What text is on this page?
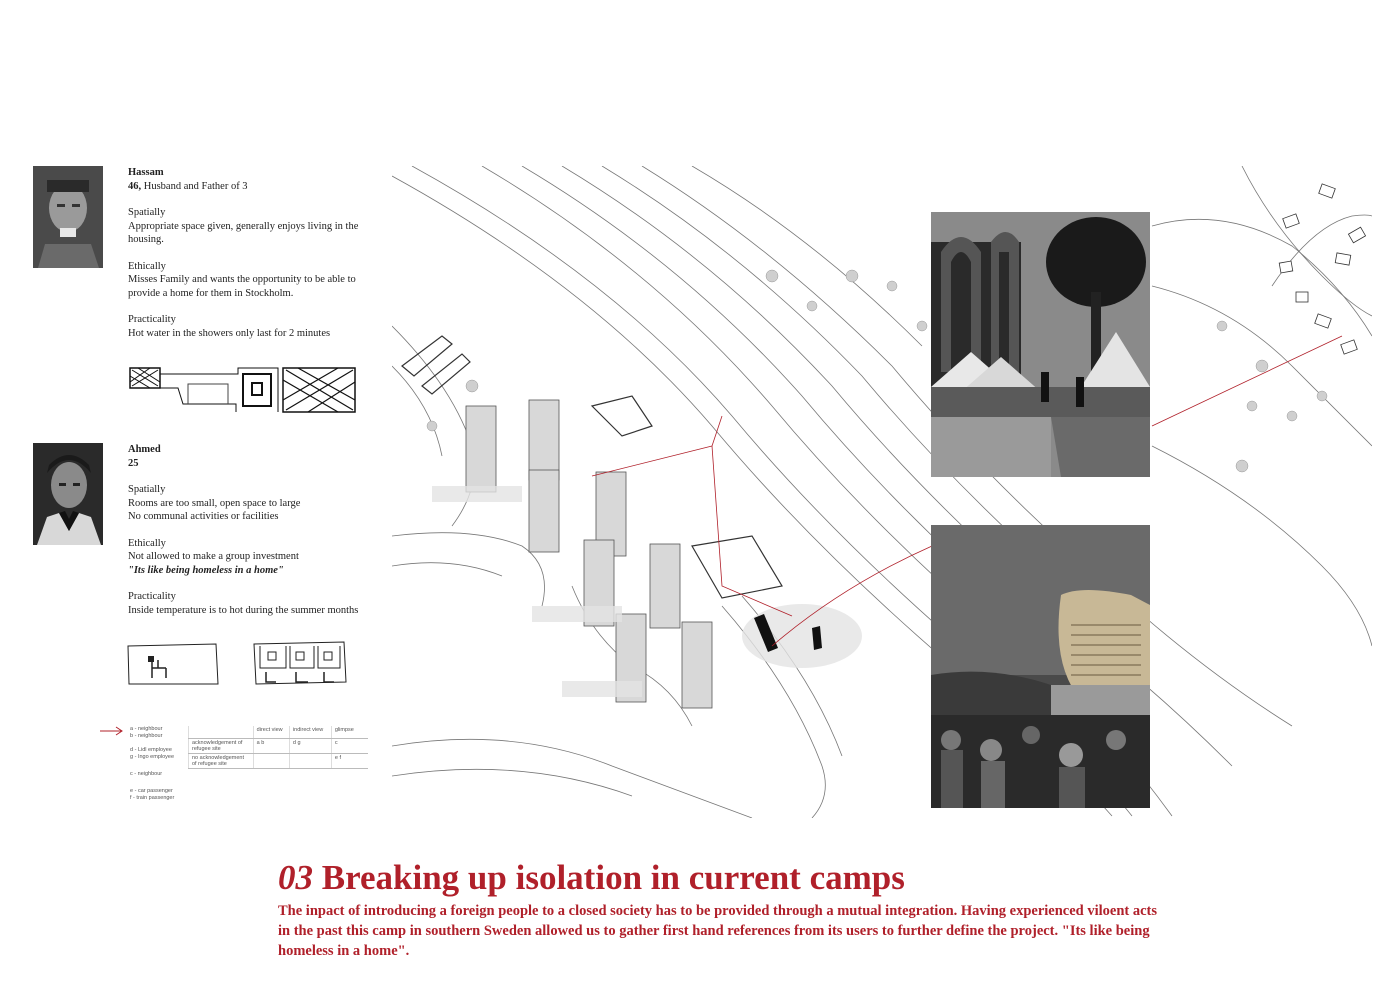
Hassam
46, Husband and Father of 3
Spatially
Appropriate space given, generally enjoys living in the housing.
Ethically
Misses Family and wants the opportunity to be able to provide a home for them in Stockholm.
Practicality
Hot water in the showers only last for 2 minutes
Ahmed
25
Spatially
Rooms are too small, open space to large
No communal activities or facilities
Ethically
Not allowed to make a group investment
"Its like being homeless in a home"
Practicality
Inside temperature is to hot during the summer months
a - neighbour
b - neighbour
d - Lidl employee
g - Ingo employee
c - neighbour
e - car passenger
f - train passenger
	direct view	indirect view	glimpse
acknowledgement of refugee site	a b	d g	c
no acknowledgement of refugee site			e f
03 Breaking up isolation in current camps
The inpact of introducing a foreign people to a closed society has to be provided through a mutual integration. Having experienced viloent acts in the past this camp in southern Sweden allowed us to gather first hand references from its users to further define the project. "Its like being homeless in a home".
